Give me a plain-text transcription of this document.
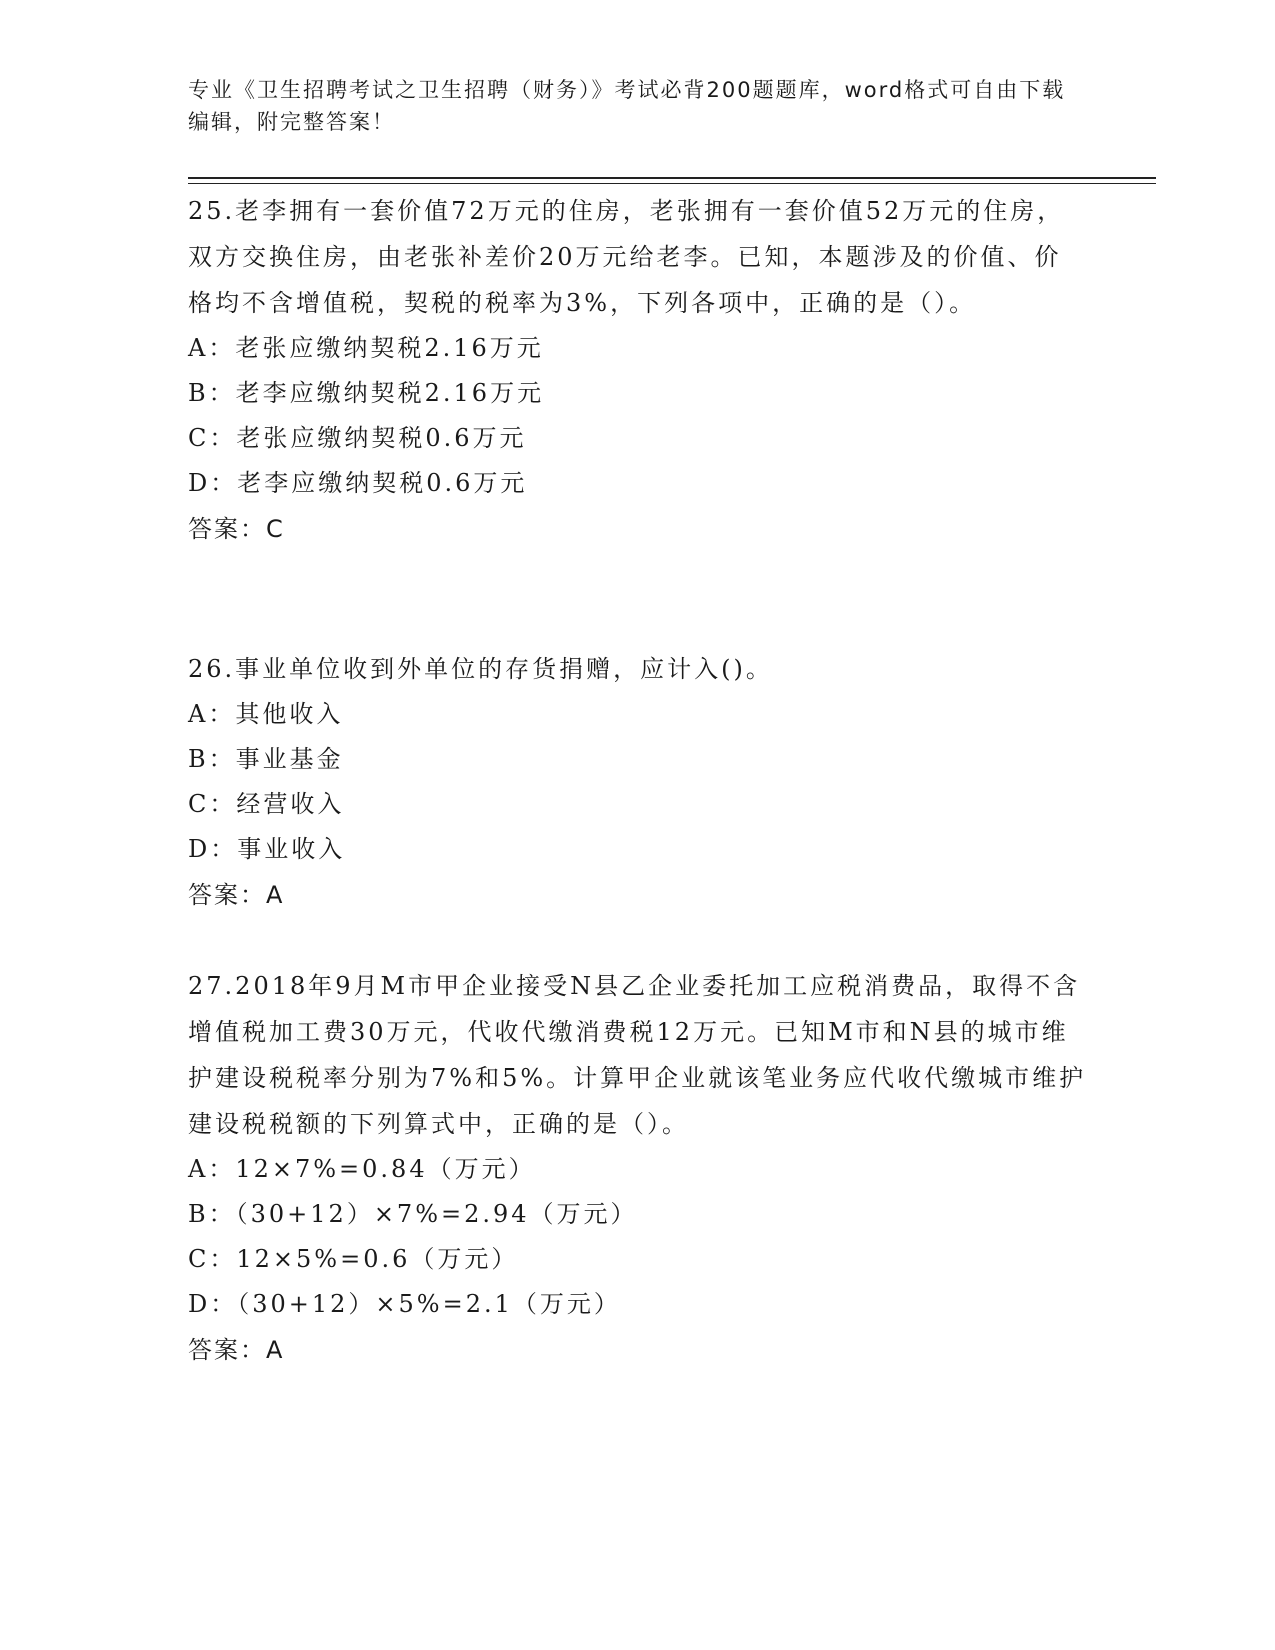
专业《卫生招聘考试之卫生招聘（财务）》考试必背200题题库，word格式可自由下载编辑，附完整答案！
25.老李拥有一套价值72万元的住房，老张拥有一套价值52万元的住房，双方交换住房，由老张补差价20万元给老李。已知，本题涉及的价值、价格均不含增值税，契税的税率为3%，下列各项中，正确的是（）。
A：老张应缴纳契税2.16万元
B：老李应缴纳契税2.16万元
C：老张应缴纳契税0.6万元
D：老李应缴纳契税0.6万元
答案：C
26.事业单位收到外单位的存货捐赠，应计入()。
A：其他收入
B：事业基金
C：经营收入
D：事业收入
答案：A
27.2018年9月M市甲企业接受N县乙企业委托加工应税消费品，取得不含增值税加工费30万元，代收代缴消费税12万元。已知M市和N县的城市维护建设税税率分别为7%和5%。计算甲企业就该笔业务应代收代缴城市维护建设税税额的下列算式中，正确的是（）。
A：12×7%=0.84（万元）
B：（30+12）×7%=2.94（万元）
C：12×5%=0.6（万元）
D：（30+12）×5%=2.1（万元）
答案：A
